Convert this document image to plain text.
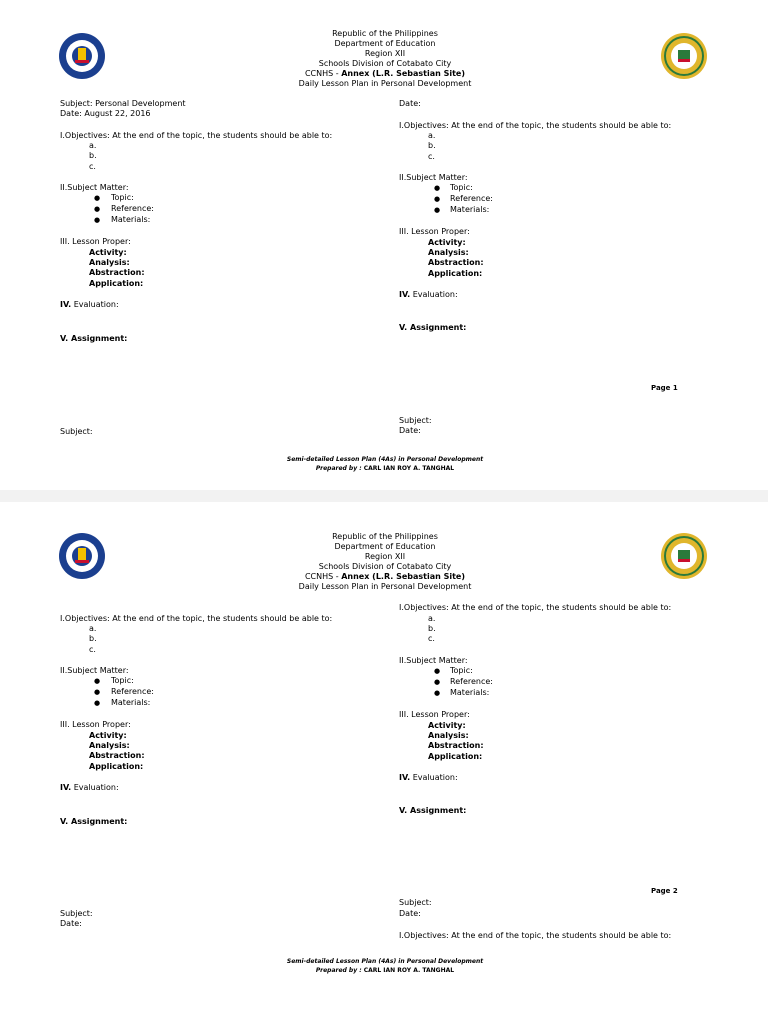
Republic of the Philippines
Department of Education
Region XII
Schools Division of Cotabato City
CCNHS - Annex (L.R. Sebastian Site)
Daily Lesson Plan in Personal Development
Subject: Personal Development
Date: August 22, 2016
I.Objectives: At the end of the topic, the students should be able to:
a.
b.
c.
II.Subject Matter:
● Topic:
● Reference:
● Materials:
III. Lesson Proper:
Activity:
Analysis:
Abstraction:
Application:
IV. Evaluation:
V. Assignment:
Subject:
Date:
I.Objectives: At the end of the topic, the students should be able to:
a.
b.
c.
II.Subject Matter:
● Topic:
● Reference:
● Materials:
III. Lesson Proper:
Activity:
Analysis:
Abstraction:
Application:
IV. Evaluation:
V. Assignment:
Page 1
Subject:
Date:
Semi-detailed Lesson Plan (4As) in Personal Development
Prepared by : CARL IAN ROY A. TANGHAL
Republic of the Philippines
Department of Education
Region XII
Schools Division of Cotabato City
CCNHS - Annex (L.R. Sebastian Site)
Daily Lesson Plan in Personal Development
I.Objectives: At the end of the topic, the students should be able to:
a.
b.
c.
II.Subject Matter:
● Topic:
● Reference:
● Materials:
III. Lesson Proper:
Activity:
Analysis:
Abstraction:
Application:
IV. Evaluation:
V. Assignment:
Subject:
Date:
I.Objectives: At the end of the topic, the students should be able to:
a.
b.
c.
II.Subject Matter:
● Topic:
● Reference:
● Materials:
III. Lesson Proper:
Activity:
Analysis:
Abstraction:
Application:
IV. Evaluation:
V. Assignment:
Page 2
Subject:
Date:
I.Objectives: At the end of the topic, the students should be able to:
Semi-detailed Lesson Plan (4As) in Personal Development
Prepared by : CARL IAN ROY A. TANGHAL
